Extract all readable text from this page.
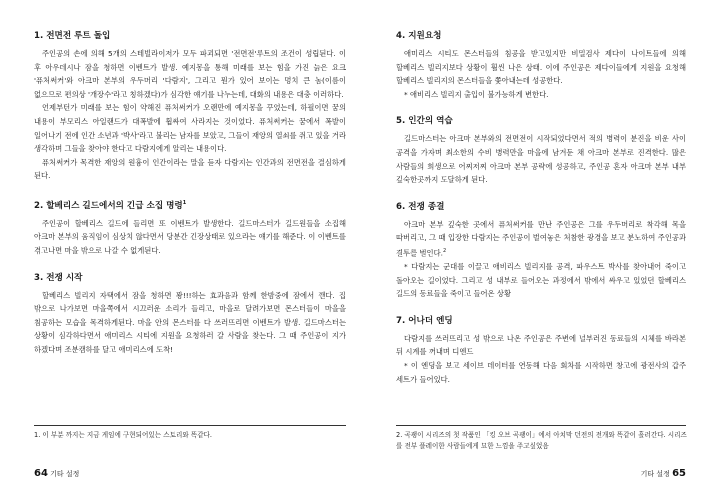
1. 전면전 루트 돌입

주인공의 손에 의해 5개의 스테빌라이저가 모두 파괴되면 '전면전'루트의 조건이 성립된다. 이 후 아우데시나 잠을 청하면 이벤트가 발생. 예지몽을 통해 미래를 보는 힘을 가진 늙은 요크 '퓨처써커'와 아크마 본부의 우두머리 '다람지', 그리고 뭔가 있어 보이는 멍치 큰 놈(이름이 없으므로 편의상 '개장수'라고 칭하겠다)가 심각한 얘기를 나누는데, 대화의 내용은 대충 이러하다.

언제부턴가 미래를 보는 힘이 약해진 퓨처써커가 오랜만에 예지몽을 꾸었는데, 하필이면 꿈의 내용이 부모리스 아일랜드가 대폭발에 휩싸여 사라지는 것이었다. 퓨처써커는 꿈에서 폭발이 일어나기 전에 인간 소년과 '박사'라고 불리는 남자를 보았고, 그들이 재앙의 열쇠를 쥐고 있을 거라 생각하며 그들을 찾아야 한다고 다람지에게 알리는 내용이다.

퓨처써커가 목격한 재앙의 원흉이 인간이라는 말을 듣자 다람지는 인간과의 전면전을 결심하게 된다.

2. 할베리스 길드에서의 긴급 소집 명령$^1$

주인공이 할베리스 길드에 들리면 또 이벤트가 발생한다. 길드마스터가 길드원들을 소집해 아크마 본부의 움직임이 심상치 않다면서 당분간 긴장상태로 있으라는 얘기를 해준다. 이 이벤트를 겪고나면 마을 밖으로 나갈 수 없게된다.

3. 전쟁 시작

할베리스 빌리지 자택에서 잠을 청하면 꽝!!!하는 효과음과 함께 한밤중에 잠에서 깬다. 집 밖으로 나가보면 마을쪽에서 시끄러운 소리가 들리고, 마을로 달려가보면 몬스터들이 마을을 침공하는 모습을 목격하게된다. 마을 안의 몬스터를 다 쓰러뜨리면 이벤트가 발생. 길드마스터는 상황이 심각하다면서 애미리스 시티에 지원을 요청하러 갈 사람을 찾는다. 그 때 주인공이 지가 하겠다며 조분캠하를 달고 애미리스에 도착!

1. 이 부분 까지는 지금 게임에 구현되어있는 스토리와 똑같다.
64 기타 설정
4. 지원요청

애미리스 시티도 몬스터들의 침공을 받고있지만 비밀검사 제다이 나이트들에 의해 할베리스 빌리지보다 상황이 훨씬 나은 상태. 이에 주인공은 제다이들에게 지원을 요청해 할베리스 빌리지의 몬스터들을 쫓아내는데 성공한다.

* 애비리스 빌리지 출입이 불가능하게 변한다.

5. 인간의 역습

길드마스터는 아크마 본부와의 전면전이 시작되었다면서 적의 병력이 분진을 비운 사이 공격을 가자며 최소한의 수비 병력만을 마을에 남겨둔 채 아크마 본부로 진격한다. 많은 사람들의 희생으로 어찌저찌 아크마 본부 공략에 성공하고, 주인공 혼자 아크마 본부 내부 깊숙한곳까지 도달하게 된다.

6. 전쟁 종결

아크마 본부 깊숙한 곳에서 퓨처써커를 만난 주인공은 그를 우두머리로 착각해 목을 따버리고, 그 때 입장한 다람지는 주인공이 벌여놓은 처참한 광경을 보고 분노하여 주인공과 결투를 벌인다.$^2$

* 다람지는 군대를 이끌고 애비리스 빌리지를 공격, 파우스트 박사를 찾아내어 죽이고 돌아오는 길이었다. 그리고 성 내부로 들어오는 과정에서 밖에서 싸우고 있었던 할베리스 길드의 동료들을 죽이고 들어온 상황

7. 어나더 엔딩

다람지를 쓰러뜨리고 성 밖으로 나온 주인공은 주변에 널부러진 동료들의 시체를 바라본 뒤 시계를 꺼내며 디엔드

* 이 엔딩을 보고 세이브 데이터를 연동해 다음 회차를 시작하면 창고에 광전사의 갑주 세트가 들어있다.

2. 곡괭이 시리즈의 첫 작품인 「킹 오브 곡괭이」에서 아치막 던전의 전개와 똑같이 흘러간다. 시리즈를 전부 플레이한 사람들에게 묘한 느낌을 주고싶었음
기타 설정 65
